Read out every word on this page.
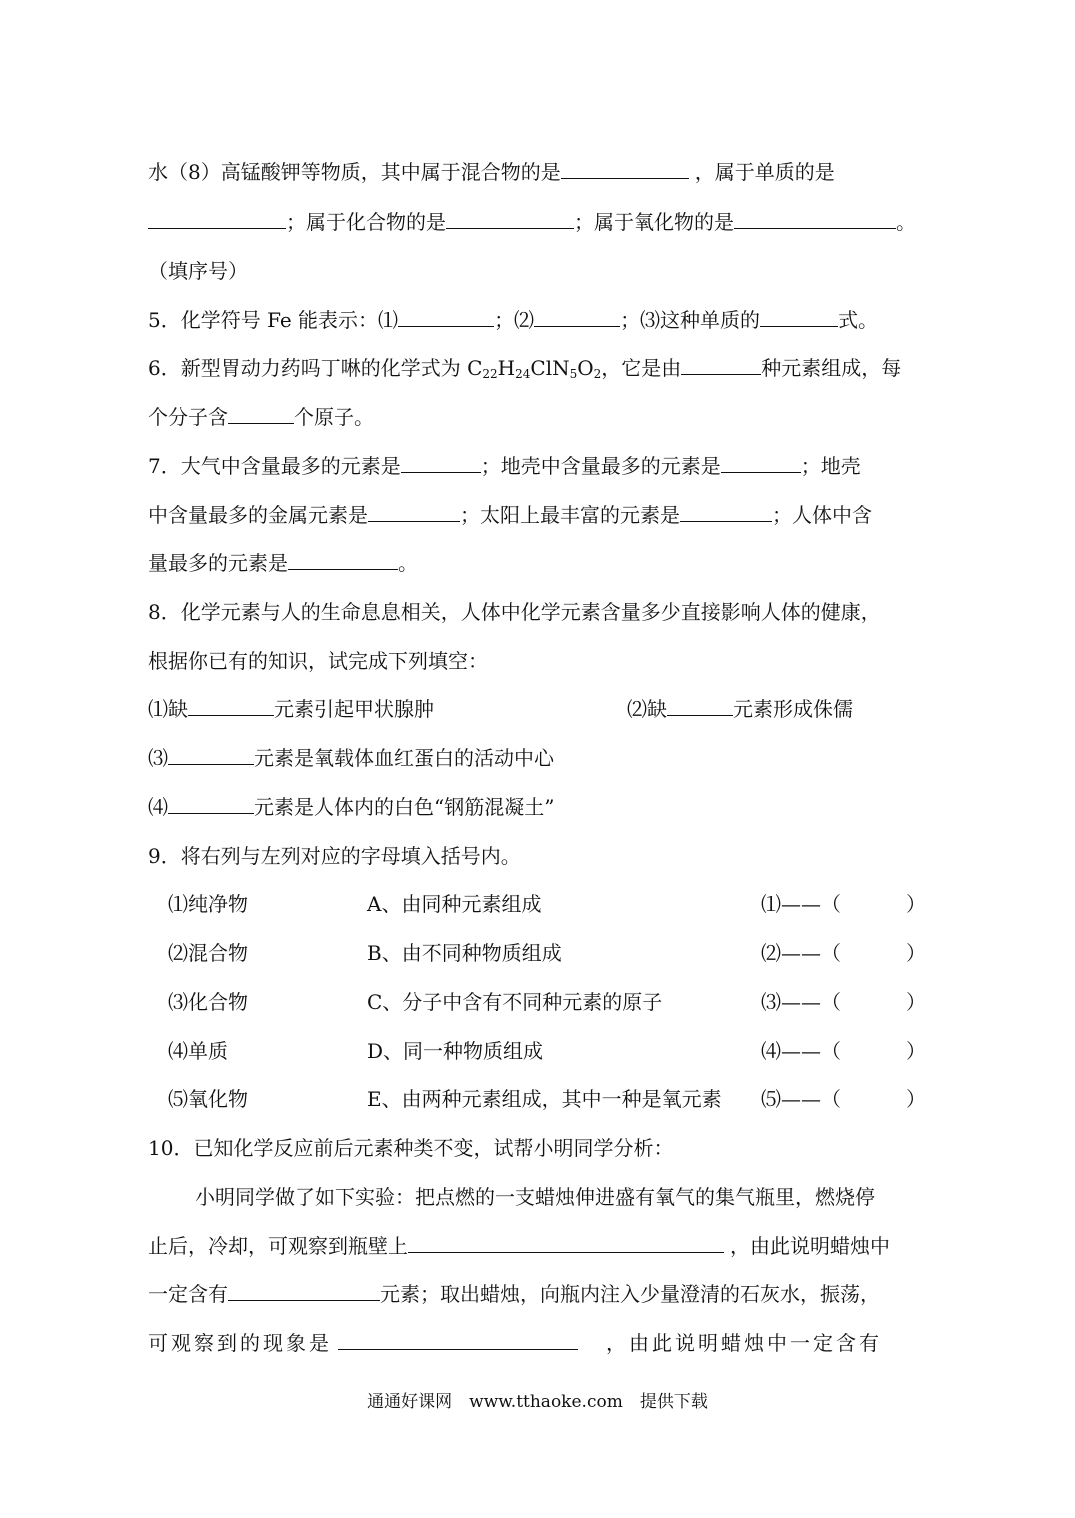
水（8）高锰酸钾等物质，其中属于混合物的是	，属于单质的是
；属于化合物的是	；属于氧化物的是	。
（填序号）
5．化学符号 Fe 能表示：⑴	；⑵	；⑶这种单质的	式。
6．新型胃动力药吗丁啉的化学式为 $C_{22}H_{24}ClN_5O_2$，它是由	种元素组成，每
个分子含	个原子。
7．大气中含量最多的元素是	；地壳中含量最多的元素是	；地壳
中含量最多的金属元素是	；太阳上最丰富的元素是	；人体中含
量最多的元素是	。
8．化学元素与人的生命息息相关，人体中化学元素含量多少直接影响人体的健康，
根据你已有的知识，试完成下列填空：
⑴缺	元素引起甲状腺肿	⑵缺	元素形成侏儒
⑶	元素是氧载体血红蛋白的活动中心
⑷	元素是人体内的白色“钢筋混凝土”
9．将右列与左列对应的字母填入括号内。
⑴纯净物	A、由同种元素组成	⑴——（	）
⑵混合物	B、由不同种物质组成	⑵——（	）
⑶化合物	C、分子中含有不同种元素的原子	⑶——（	）
⑷单质	D、同一种物质组成	⑷——（	）
⑸氧化物	E、由两种元素组成，其中一种是氧元素 ⑸——（	）
10．已知化学反应前后元素种类不变，试帮小明同学分析：
小明同学做了如下实验：把点燃的一支蜡烛伸进盛有氧气的集气瓶里，燃烧停
止后，冷却，可观察到瓶壁上	，由此说明蜡烛中
一定含有	元素；取出蜡烛，向瓶内注入少量澄清的石灰水，振荡，
可观察到的现象是	，由此说明蜡烛中一定含有
通通好课网　www.tthaoke.com　提供下载
